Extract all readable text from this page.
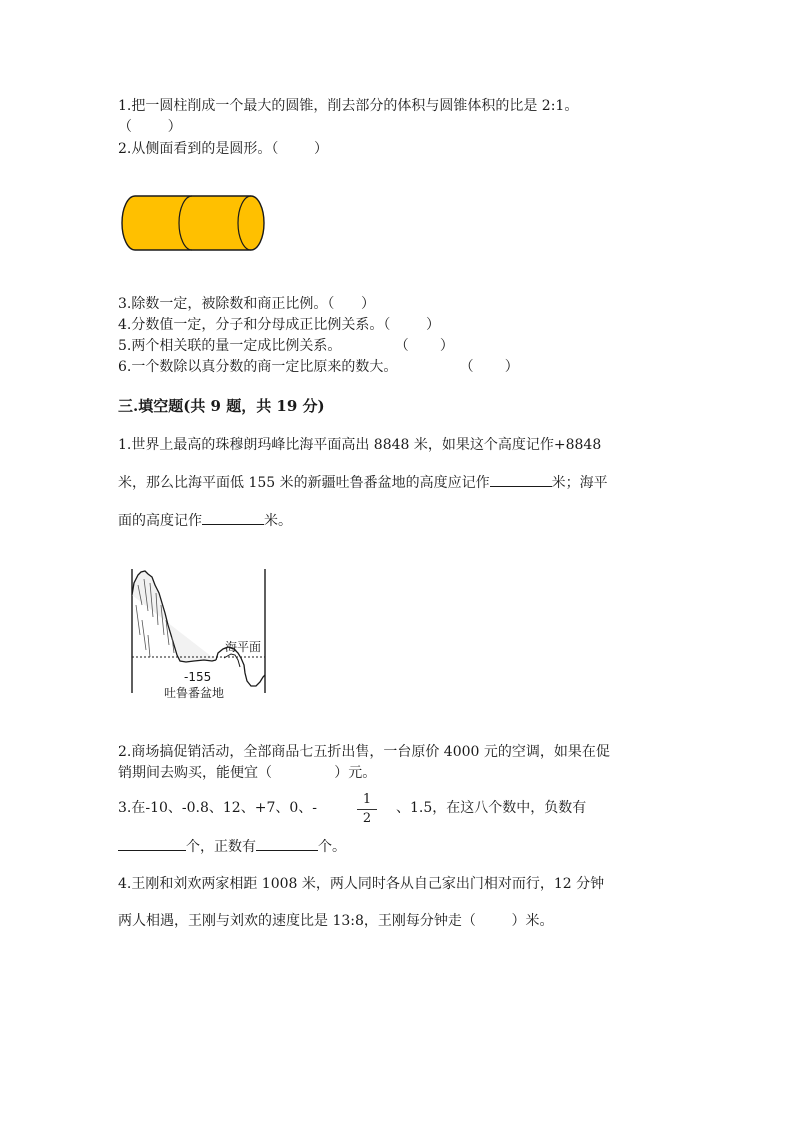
1.把一圆柱削成一个最大的圆锥，削去部分的体积与圆锥体积的比是 2:1。
（        ）
2.从侧面看到的是圆形。（        ）
3.除数一定，被除数和商正比例。（      ）
4.分数值一定，分子和分母成正比例关系。（        ）
5.两个相关联的量一定成比例关系。            （       ）
6.一个数除以真分数的商一定比原来的数大。              （       ）
三.填空题(共 9 题，共 19 分)
1.世界上最高的珠穆朗玛峰比海平面高出 8848 米，如果这个高度记作+8848
米，那么比海平面低 155 米的新疆吐鲁番盆地的高度应记作	米；海平
面的高度记作	米。
海平面
-155
吐鲁番盆地
2.商场搞促销活动，全部商品七五折出售，一台原价 4000 元的空调，如果在促
销期间去购买，能便宜（              ）元。
3.在-10、-0.8、12、+7、0、-
1
2
、1.5，在这八个数中，负数有
个，正数有	个。
4.王刚和刘欢两家相距 1008 米，两人同时各从自己家出门相对而行，12 分钟
两人相遇，王刚与刘欢的速度比是 13:8，王刚每分钟走（        ）米。
